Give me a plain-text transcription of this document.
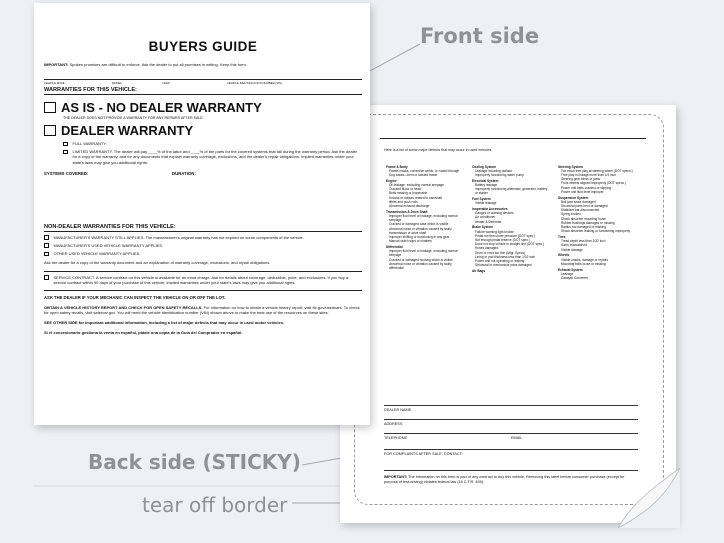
Front side
Back side (STICKY)
tear off border
Here is a list of some major defects that may occur in used vehicles.
Frame & Body
Frame-cracks, corrective welds, or rusted through
Dog tracks—bent or twisted frame
Engine
Oil leakage, excluding normal seepage
Cracked block or head
Belts missing or inoperable
Knocks or misses related to camshaft
lifters and push rods
Abnormal exhaust discharge
Transmission & Drive Shaft
Improper fluid level or leakage, excluding normal seepage
Cracked or damaged case which is visible
Abnormal noise or vibration caused by faulty transmission or drive shaft
Improper shifting or functioning in any gear
Manual clutch slips or chatters
Differential
Improper fluid level or leakage, excluding normal seepage
Cracked or damaged housing which is visible
Abnormal noise or vibration caused by faulty differential
Cooling System
Leakage including radiator
Improperly functioning water pump
Electrical System
Battery leakage
Improperly functioning alternator, generator, battery, or starter
Fuel System
Visible leakage
Inoperable Accessories
Gauges or warning devices
Air conditioner
Heater & Defroster
Brake System
Failure warning light broken
Pedal not firm under pressure (DOT spec.)
Not enough pedal reserve (DOT spec.)
Does not stop vehicle in straight line (DOT spec.)
Hoses damaged
Drum or rotor too thin (Mfgr. Specs)
Lining or pad thickness less than 1/32 inch
Power unit not operating or leaking
Structural or mechanical parts damaged
Air Bags
Steering System
Too much free play at steering wheel (DOT specs.)
Free play in linkage more than 1/4 inch
Steering gear binds or jams
Front wheels aligned improperly (DOT specs.)
Power unit belts cracked or slipping
Power unit fluid level improper
Suspension System
Ball joint seals damaged
Structural parts bent or damaged
Stabilizer bar disconnected
Spring broken
Shock absorber mounting loose
Rubber bushings damaged or missing
Radius rod damaged or missing
Shock absorber leaking or functioning improperly
Tires
Tread depth less than 2/32 inch
Sizes mismatched
Visible damage
Wheels
Visible cracks, damage or repairs
Mounting bolts loose or missing
Exhaust System
Leakage
Catalytic Converter
DEALER NAME
ADDRESS
TELEPHONE	EMAIL
FOR COMPLAINTS AFTER SALE, CONTACT:
IMPORTANT: The information on this form is part of any contract to buy this vehicle. Removing this label before consumer purchase (except for purpose of test-driving) violates federal law (16 C.F.R. 455).
BUYERS GUIDE
IMPORTANT: Spoken promises are difficult to enforce. Ask the dealer to put all promises in writing. Keep this form.
VEHICLE MAKE	MODEL	YEAR	VEHICLE IDENTIFICATION NUMBER (VIN)
WARRANTIES FOR THIS VEHICLE:
AS IS - NO DEALER WARRANTY
THE DEALER DOES NOT PROVIDE A WARRANTY FOR ANY REPAIRS AFTER SALE.
DEALER WARRANTY
FULL WARRANTY.
LIMITED WARRANTY. The dealer will pay ____% of the labor and ____% of the parts for the covered systems that fail during the warranty period. Ask the dealer for a copy of the warranty, and for any documents that explain warranty coverage, exclusions, and the dealer's repair obligations. Implied warranties under your state's laws may give you additional rights.
SYSTEMS COVERED:	DURATION:
NON-DEALER WARRANTIES FOR THIS VEHICLE:
MANUFACTURER'S WARRANTY STILL APPLIES. The manufacturer's original warranty has not expired on some components of the vehicle.
MANUFACTURER'S USED VEHICLE WARRANTY APPLIES.
OTHER USED VEHICLE WARRANTY APPLIES.
Ask the dealer for a copy of the warranty document and an explanation of warranty coverage, exclusions, and repair obligations.
SERVICE CONTRACT. A service contract on this vehicle is available for an extra charge. Ask for details about coverage, deductible, price, and exclusions. If you buy a service contract within 90 days of your purchase of this vehicle, implied warranties under your state's laws may give you additional rights.
ASK THE DEALER IF YOUR MECHANIC CAN INSPECT THE VEHICLE ON OR OFF THE LOT.
OBTAIN A VEHICLE HISTORY REPORT AND CHECK FOR OPEN SAFETY RECALLS. For information on how to obtain a vehicle history report, visit ftc.gov/usedcars. To check for open safety recalls, visit safercar.gov. You will need the vehicle identification number (VIN) shown above to make the best use of the resources on these sites.
SEE OTHER SIDE for important additional information, including a list of major defects that may occur in used motor vehicles.
Si el concesionario gestiona la venta en español, pídale una copia de la Guía del Comprador en español.
